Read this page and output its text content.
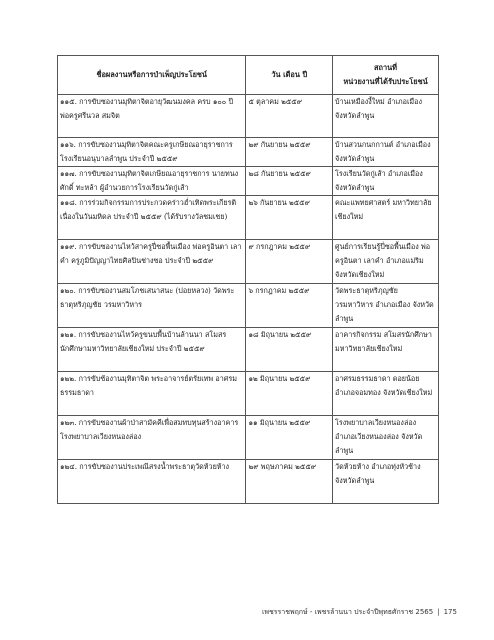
ชื่อผลงานหรือการบำเพ็ญประโยชน์	วัน เดือน ปี	สถานที่
หน่วยงานที่ได้รับประโยชน์

๑๑๕. การขับซองานมุทิตาจิตอายุวัฒนมงคล ครบ ๑๐๐ ปี พ่อครูศรีนวล สมจิต	๕ ตุลาคม ๒๕๕๙	บ้านเหมืองงี้ใหม่ อำเภอเมือง จังหวัดลำพูน
๑๑๖. การขับซองานมุทิตาจิตคณะครูเกษียณอายุราชการ โรงเรียนอนุบาลลำพูน ประจำปี ๒๕๕๙	๒๙ กันยายน ๒๕๕๙	บ้านสวนกนกกานต์ อำเภอเมือง จังหวัดลำพูน
๑๑๗. การขับซองานมุทิตาจิตเกษียณอายุราชการ นายทนงศักดิ์ ทะหล้า ผู้อำนวยการโรงเรียนวัดกู่เส้า	๒๘ กันยายน ๒๕๕๙	โรงเรียนวัดกู่เส้า อำเภอเมือง จังหวัดลำพูน
๑๑๘. การร่วมกิจกรรมการประกวดคร่าวฮ่ำเทิดพระเกียรติเนื่องในวันมหิดล ประจำปี ๒๕๕๙ (ได้รับรางวัลชมเชย)	๒๖ กันยายน ๒๕๕๙	คณะแพทยศาสตร์ มหาวิทยาลัยเชียงใหม่
๑๑๙. การขับซองานไหว้สาครูปี่ซอพื้นเมือง พ่อครูอินตา เลาคำ ครูภูมิปัญญาไทยศิลปินช่างซอ ประจำปี ๒๕๕๙	๙ กรกฎาคม ๒๕๕๙	ศูนย์การเรียนรู้ปี่ซอพื้นเมือง พ่อครูอินตา เลาคำ อำเภอแม่ริม จังหวัดเชียงใหม่
๑๒๐. การขับซองานสมโภชเสนาสนะ (ปอยหลวง) วัดพระธาตุหริภุญชัย วรมหาวิหาร	๖ กรกฎาคม ๒๕๕๙	วัดพระธาตุหริภุญชัย วรมหาวิหาร อำเภอเมือง จังหวัดลำพูน
๑๒๑. การขับซองานไหว้ครูขนบพื้นบ้านล้านนา สโมสรนักศึกษามหาวิทยาลัยเชียงใหม่ ประจำปี ๒๕๕๙	๑๘ มิถุนายน ๒๕๕๙	อาคารกิจกรรม สโมสรนักศึกษามหาวิทยาลัยเชียงใหม่
๑๒๒. การขับซ้องานมุทิตาจิต พระอาจารย์ตรัยเทพ อาศรมธรรมธาดา	๑๒ มิถุนายน ๒๕๕๙	อาศรมธรรมธาดา ดอยน้อย อำเภอจอมทอง จังหวัดเชียงใหม่
๑๒๓. การขับซองานผ้าป่าสามัคคีเพื่อสมทบทุนสร้างอาคารโรงพยาบาลเวียงหนองล่อง	๑๑ มิถุนายน ๒๕๕๙	โรงพยาบาลเวียงหนองล่อง อำเภอเวียงหนองล่อง จังหวัดลำพูน
๑๒๔. การขับซองานประเพณีสรงน้ำพระธาตุวัดห้วยห้าง	๒๙ พฤษภาคม ๒๕๕๙	วัดห้วยห้าง อำเภอทุ่งหัวช้าง จังหวัดลำพูน
เพชรราชพฤกษ์ - เพชรล้านนา ประจำปีพุทธศักราช 2565 | 175
